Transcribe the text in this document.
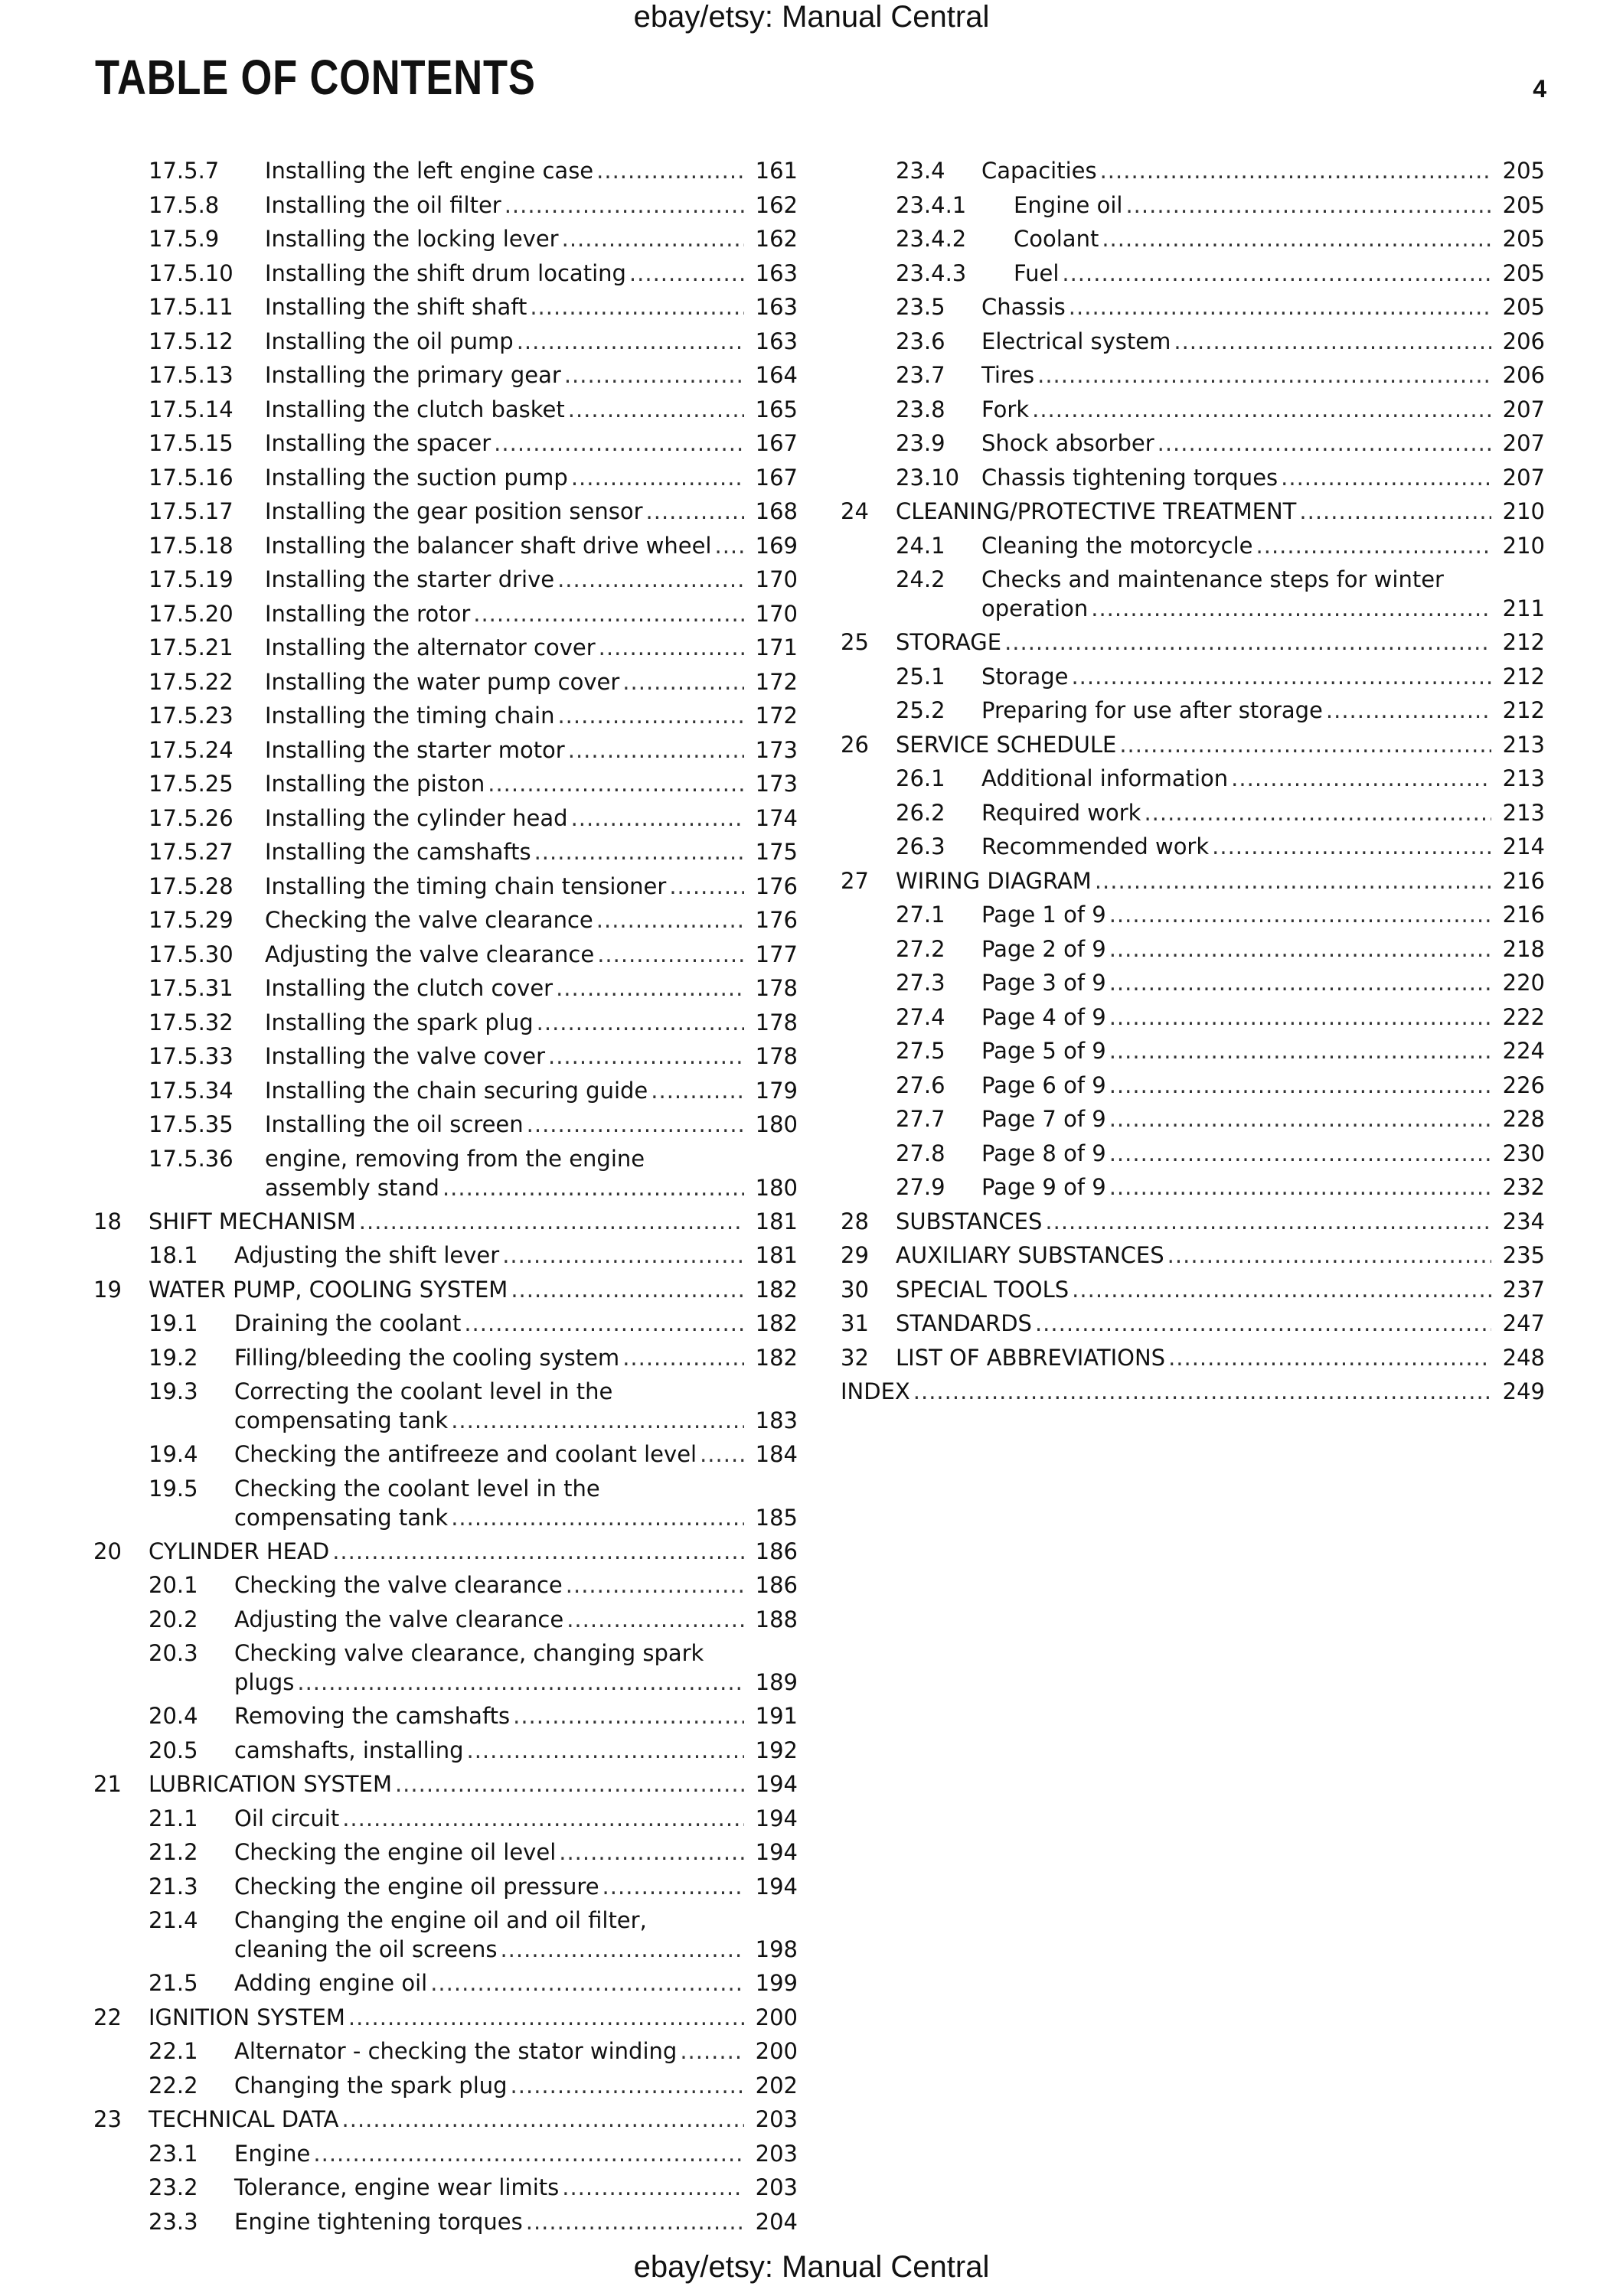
ebay/etsy: Manual Central
TABLE OF CONTENTS	4
17.5.7 Installing the left engine case .....	161
17.5.8 Installing the oil filter .....	162
17.5.9 Installing the locking lever .....	162
17.5.10 Installing the shift drum locating .....	163
17.5.11 Installing the shift shaft .....	163
17.5.12 Installing the oil pump .....	163
17.5.13 Installing the primary gear .....	164
17.5.14 Installing the clutch basket .....	165
17.5.15 Installing the spacer .....	167
17.5.16 Installing the suction pump .....	167
17.5.17 Installing the gear position sensor .....	168
17.5.18 Installing the balancer shaft drive wheel .....	169
17.5.19 Installing the starter drive .....	170
17.5.20 Installing the rotor .....	170
17.5.21 Installing the alternator cover .....	171
17.5.22 Installing the water pump cover .....	172
17.5.23 Installing the timing chain .....	172
17.5.24 Installing the starter motor .....	173
17.5.25 Installing the piston .....	173
17.5.26 Installing the cylinder head .....	174
17.5.27 Installing the camshafts .....	175
17.5.28 Installing the timing chain tensioner .....	176
17.5.29 Checking the valve clearance .....	176
17.5.30 Adjusting the valve clearance .....	177
17.5.31 Installing the clutch cover .....	178
17.5.32 Installing the spark plug .....	178
17.5.33 Installing the valve cover .....	178
17.5.34 Installing the chain securing guide .....	179
17.5.35 Installing the oil screen .....	180
17.5.36 engine, removing from the engine
assembly stand .....	180
18 SHIFT MECHANISM .....	181
18.1 Adjusting the shift lever .....	181
19 WATER PUMP, COOLING SYSTEM .....	182
19.1 Draining the coolant .....	182
19.2 Filling/bleeding the cooling system .....	182
19.3 Correcting the coolant level in the
compensating tank .....	183
19.4 Checking the antifreeze and coolant level .....	184
19.5 Checking the coolant level in the
compensating tank .....	185
20 CYLINDER HEAD .....	186
20.1 Checking the valve clearance .....	186
20.2 Adjusting the valve clearance .....	188
20.3 Checking valve clearance, changing spark
plugs .....	189
20.4 Removing the camshafts .....	191
20.5 camshafts, installing .....	192
21 LUBRICATION SYSTEM .....	194
21.1 Oil circuit .....	194
21.2 Checking the engine oil level .....	194
21.3 Checking the engine oil pressure .....	194
21.4 Changing the engine oil and oil filter,
cleaning the oil screens .....	198
21.5 Adding engine oil .....	199
22 IGNITION SYSTEM .....	200
22.1 Alternator - checking the stator winding .....	200
22.2 Changing the spark plug .....	202
23 TECHNICAL DATA .....	203
23.1 Engine .....	203
23.2 Tolerance, engine wear limits .....	203
23.3 Engine tightening torques .....	204
23.4 Capacities .....	205
23.4.1 Engine oil .....	205
23.4.2 Coolant .....	205
23.4.3 Fuel .....	205
23.5 Chassis .....	205
23.6 Electrical system .....	206
23.7 Tires .....	206
23.8 Fork .....	207
23.9 Shock absorber .....	207
23.10 Chassis tightening torques .....	207
24 CLEANING/PROTECTIVE TREATMENT .....	210
24.1 Cleaning the motorcycle .....	210
24.2 Checks and maintenance steps for winter
operation .....	211
25 STORAGE .....	212
25.1 Storage .....	212
25.2 Preparing for use after storage .....	212
26 SERVICE SCHEDULE .....	213
26.1 Additional information .....	213
26.2 Required work .....	213
26.3 Recommended work .....	214
27 WIRING DIAGRAM .....	216
27.1 Page 1 of 9 .....	216
27.2 Page 2 of 9 .....	218
27.3 Page 3 of 9 .....	220
27.4 Page 4 of 9 .....	222
27.5 Page 5 of 9 .....	224
27.6 Page 6 of 9 .....	226
27.7 Page 7 of 9 .....	228
27.8 Page 8 of 9 .....	230
27.9 Page 9 of 9 .....	232
28 SUBSTANCES .....	234
29 AUXILIARY SUBSTANCES .....	235
30 SPECIAL TOOLS .....	237
31 STANDARDS .....	247
32 LIST OF ABBREVIATIONS .....	248
INDEX .....	249
ebay/etsy: Manual Central
